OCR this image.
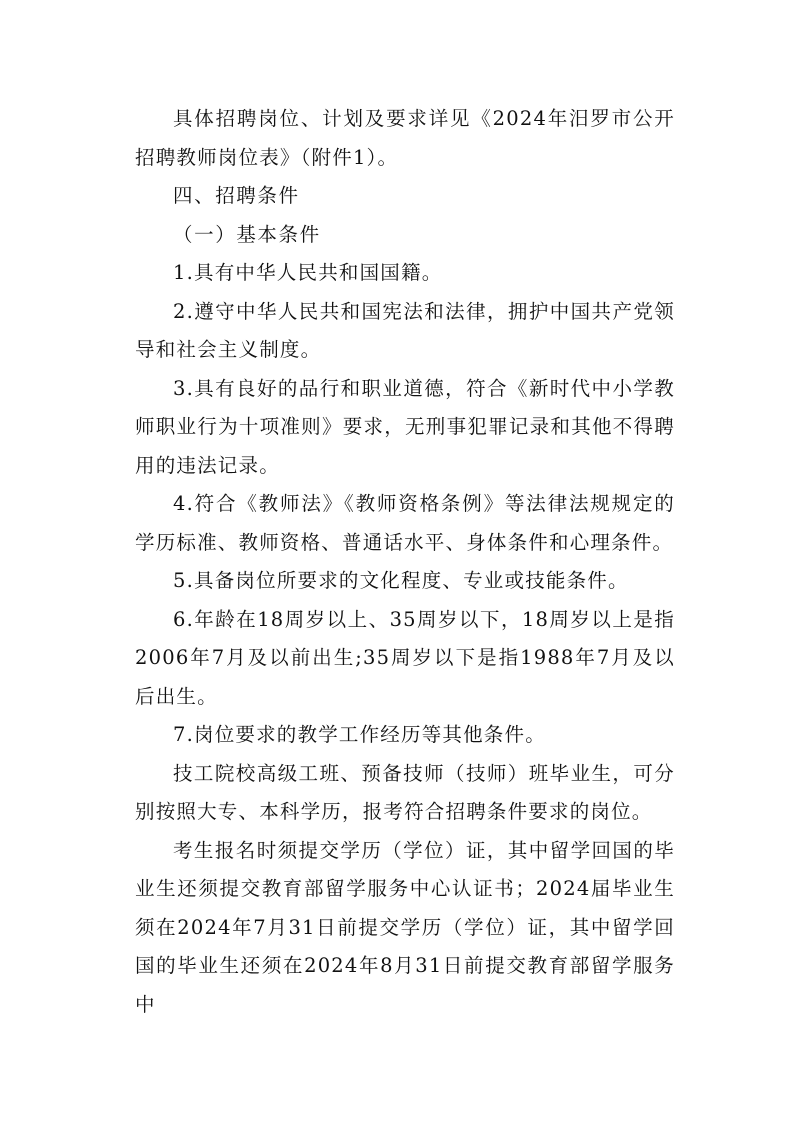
具体招聘岗位、计划及要求详见《2024年汨罗市公开招聘教师岗位表》（附件1）。

四、招聘条件

（一）基本条件

1.具有中华人民共和国国籍。

2.遵守中华人民共和国宪法和法律，拥护中国共产党领导和社会主义制度。

3.具有良好的品行和职业道德，符合《新时代中小学教师职业行为十项准则》要求，无刑事犯罪记录和其他不得聘用的违法记录。

4.符合《教师法》《教师资格条例》等法律法规规定的学历标准、教师资格、普通话水平、身体条件和心理条件。

5.具备岗位所要求的文化程度、专业或技能条件。

6.年龄在18周岁以上、35周岁以下，18周岁以上是指2006年7月及以前出生;35周岁以下是指1988年7月及以后出生。

7.岗位要求的教学工作经历等其他条件。

技工院校高级工班、预备技师（技师）班毕业生，可分别按照大专、本科学历，报考符合招聘条件要求的岗位。

考生报名时须提交学历（学位）证，其中留学回国的毕业生还须提交教育部留学服务中心认证书；2024届毕业生须在2024年7月31日前提交学历（学位）证，其中留学回国的毕业生还须在2024年8月31日前提交教育部留学服务中
